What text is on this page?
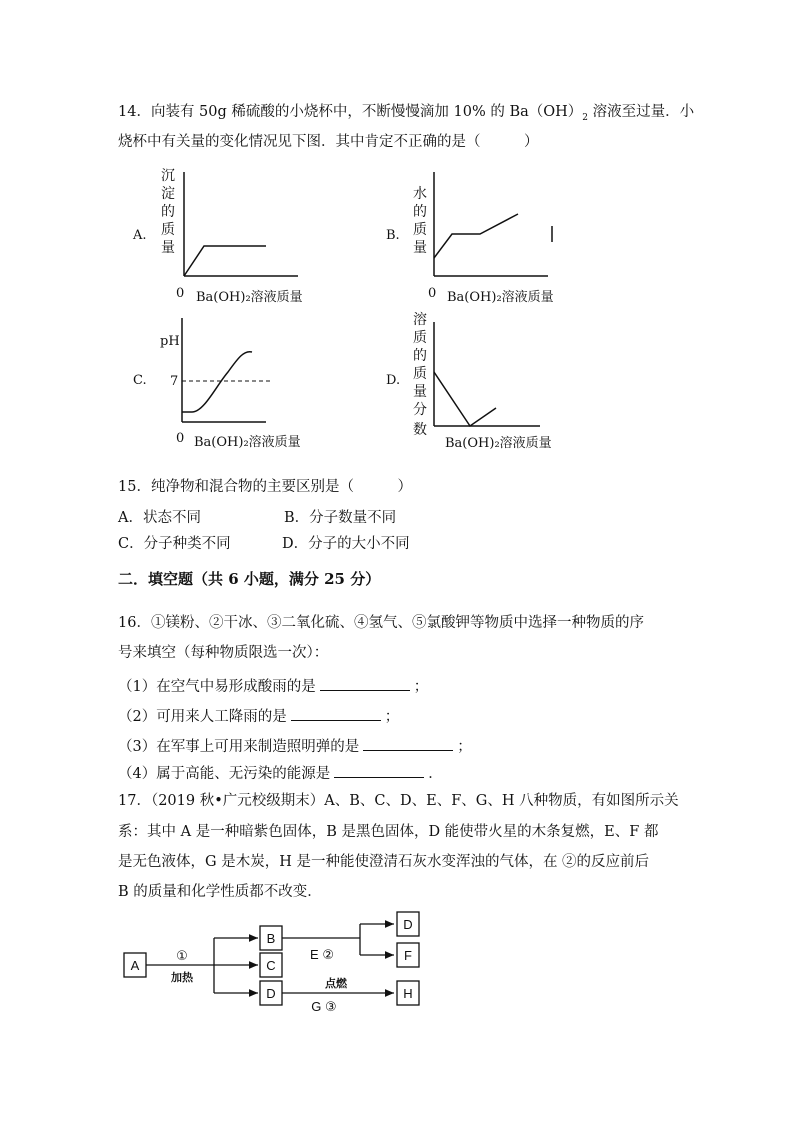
14．向装有 50g 稀硫酸的小烧杯中，不断慢慢滴加 10% 的 $Ba(OH)_2$ 溶液至过量．小
烧杯中有关量的变化情况见下图．其中肯定不正确的是（　　　）
A.
沉
淀
的
质
量
0 Ba(OH)₂溶液质量
B.
水
的
质
量
0 Ba(OH)₂溶液质量
C.
pH
7
0 Ba(OH)₂溶液质量
D.
溶
质
的
质
量
分
数
Ba(OH)₂溶液质量
15．纯净物和混合物的主要区别是（　　　）
A．状态不同	B．分子数量不同
C．分子种类不同	D．分子的大小不同
二．填空题（共 6 小题，满分 25 分）
16．①镁粉、②干冰、③二氧化硫、④氢气、⑤氯酸钾等物质中选择一种物质的序
号来填空（每种物质限选一次）：
（1）在空气中易形成酸雨的是	；
（2）可用来人工降雨的是	；
（3）在军事上可用来制造照明弹的是	；
（4）属于高能、无污染的能源是	．
17．（2019 秋•广元校级期末）A、B、C、D、E、F、G、H 八种物质，有如图所示关
系：其中 A 是一种暗紫色固体，B 是黑色固体，D 能使带火星的木条复燃，E、F 都
是无色液体，G 是木炭，H 是一种能使澄清石灰水变浑浊的气体，在 ②的反应前后
B 的质量和化学性质都不改变．
A
①
加热
B
C
D
E ②
D
F
点燃
G ③
H
